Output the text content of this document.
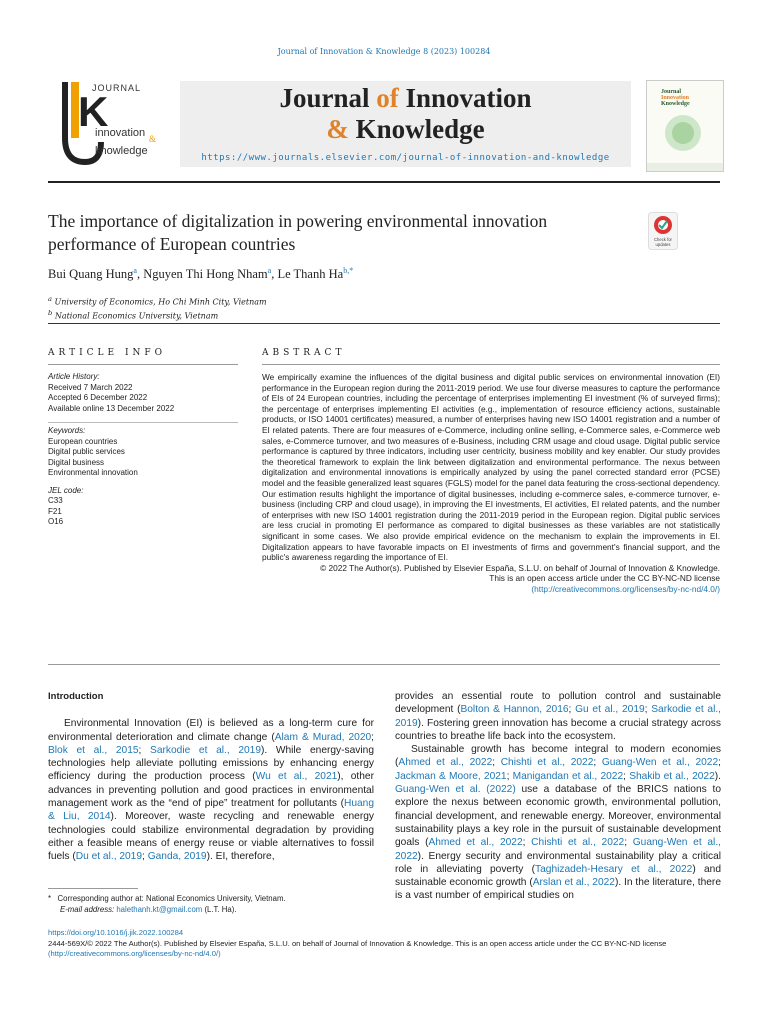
Journal of Innovation & Knowledge 8 (2023) 100284
JOURNAL
K
innovation &
knowledge
Journal of Innovation
& Knowledge
https://www.journals.elsevier.com/journal-of-innovation-and-knowledge
Journal
Innovation
Knowledge
The importance of digitalization in powering environmental innovation performance of European countries	Check for
updates
Bui Quang Hung$^a$, Nguyen Thi Hong Nham$^a$, Le Thanh $Ha^{b,*}$
$^a$ University of Economics, Ho Chi Minh City, Vietnam
$^b$ National Economics University, Vietnam
ARTICLE INFO	ABSTRACT
Article History:
Received 7 March 2022
Accepted 6 December 2022
Available online 13 December 2022
Keywords:
European countries
Digital public services
Digital business
Environmental innovation
JEL code:
C33
F21
O16

We empirically examine the influences of the digital business and digital public services on environmental innovation (EI) performance in the European region during the 2011-2019 period. We use four diverse measures to capture the performance of EIs of 24 European countries, including the percentage of enterprises implementing EI investment (% of surveyed firms); the percentage of enterprises implementing EI activities (e.g., implementation of resource efficiency actions, sustainable products, or ISO 14001 certificates) measured, a number of enterprises having new ISO 14001 registration and a number of EI related patents. There are four measures of e-Commerce, including online selling, e-Commerce sales, e-Commerce web sales, e-Commerce turnover, and two measures of e-Business, including CRM usage and cloud usage. Digital public service performance is captured by three indicators, including user centricity, business mobility and key enabler. Our study provides the theoretical framework to explain the link between digitalization and environmental performance. The nexus between digitalization and environmental innovations is empirically analyzed by using the panel corrected standard error (PCSE) model and the feasible generalized least squares (FGLS) model for the panel data featuring the cross-sectional dependency. Our estimation results highlight the importance of digital businesses, including e-commerce sales, e-commerce turnover, e-business (including CRP and cloud usage), in improving the EI investments, EI activities, EI related patents, and the number of enterprises with new ISO 14001 registration during the 2011-2019 period in the European region. Digital public services are less crucial in promoting EI performance as compared to digital businesses as these variables are not statistically significant in some cases. We also provide empirical evidence on the mechanism to explain the improvements in EI. Digitalization appears to have favorable impacts on EI investments of firms and government's financial support, and the public's awareness regarding the importance of EI.

© 2022 The Author(s). Published by Elsevier España, S.L.U. on behalf of Journal of Innovation & Knowledge.
This is an open access article under the CC BY-NC-ND license
(http://creativecommons.org/licenses/by-nc-nd/4.0/)
Introduction

Environmental Innovation (EI) is believed as a long-term cure for environmental deterioration and climate change (Alam & Murad, 2020; Blok et al., 2015; Sarkodie et al., 2019). While energy-saving technologies help alleviate polluting emissions by enhancing energy efficiency during the production process (Wu et al., 2021), other advances in preventing pollution and good practices in environmental management work as the “end of pipe” treatment for pollutants (Huang & Liu, 2014). Moreover, waste recycling and renewable energy technologies could stabilize environmental degradation by providing either a feasible means of energy reuse or viable alternatives to fossil fuels (Du et al., 2019; Ganda, 2019). EI, therefore,

provides an essential route to pollution control and sustainable development (Bolton & Hannon, 2016; Gu et al., 2019; Sarkodie et al., 2019). Fostering green innovation has become a crucial strategy across countries to breathe life back into the ecosystem.

Sustainable growth has become integral to modern economies (Ahmed et al., 2022; Chishti et al., 2022; Guang-Wen et al., 2022; Jackman & Moore, 2021; Manigandan et al., 2022; Shakib et al., 2022). Guang-Wen et al. (2022) use a database of the BRICS nations to explore the nexus between economic growth, environmental pollution, financial development, and renewable energy. Moreover, environmental sustainability plays a key role in the pursuit of sustainable development goals (Ahmed et al., 2022; Chishti et al., 2022; Guang-Wen et al., 2022). Energy security and environmental sustainability play a critical role in alleviating poverty (Taghizadeh-Hesary et al., 2022) and sustainable economic growth (Arslan et al., 2022). In the literature, there is a vast number of empirical studies on

* Corresponding author at: National Economics University, Vietnam.
E-mail address: halethanh.kt@gmail.com (L.T. Ha).
https://doi.org/10.1016/j.jik.2022.100284
2444-569X/© 2022 The Author(s). Published by Elsevier España, S.L.U. on behalf of Journal of Innovation & Knowledge. This is an open access article under the CC BY-NC-ND license
(http://creativecommons.org/licenses/by-nc-nd/4.0/)
